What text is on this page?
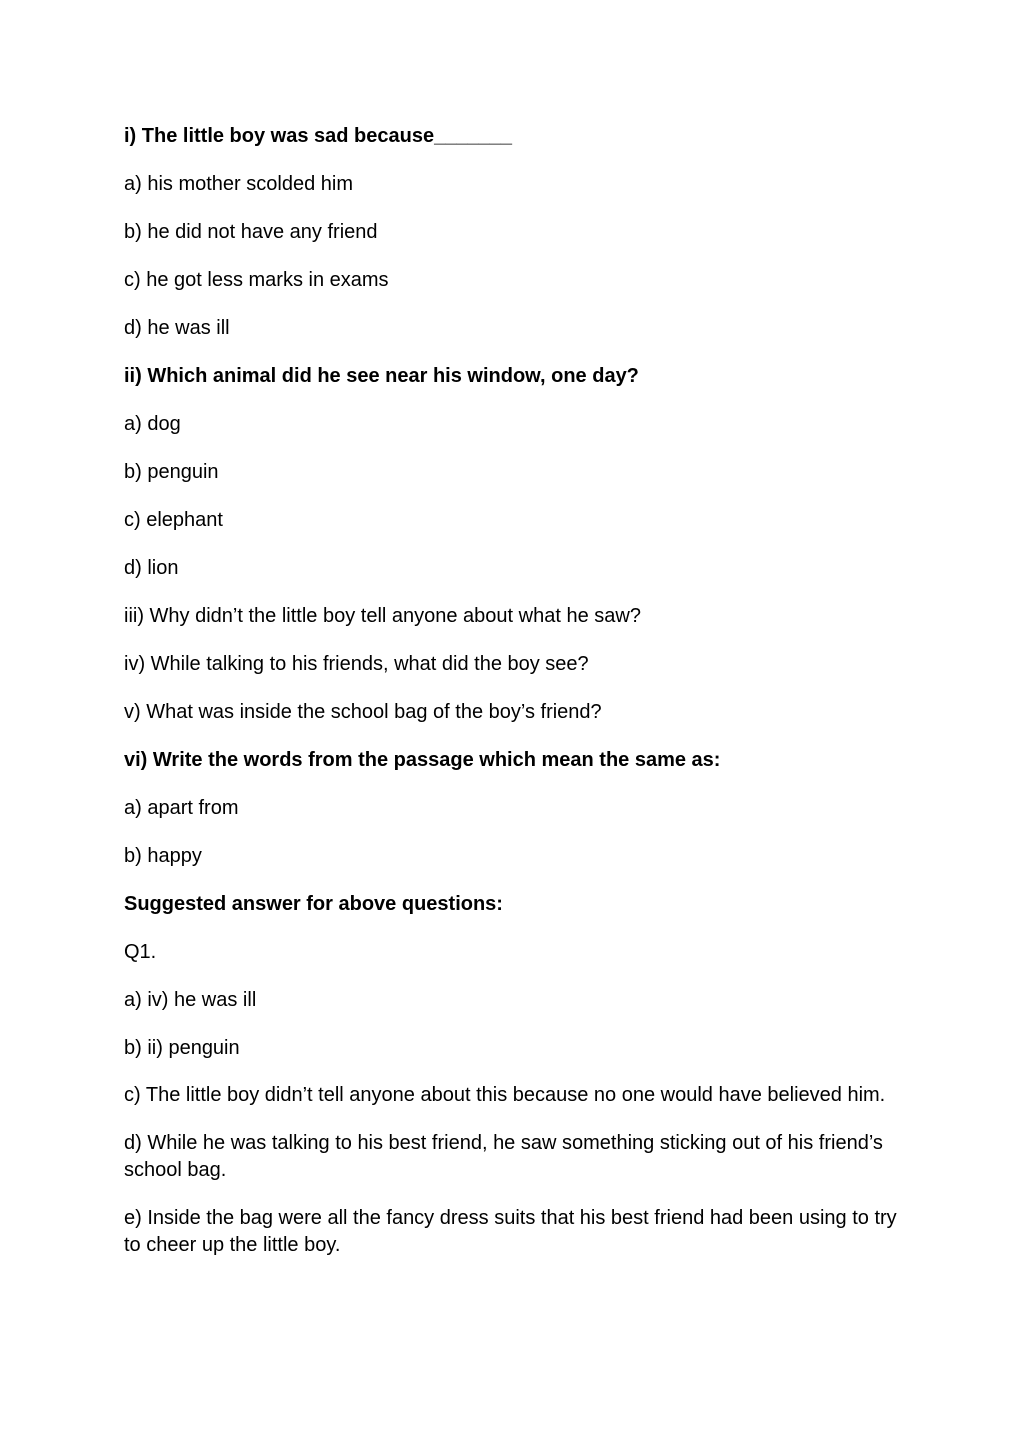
i) The little boy was sad because_______

a) his mother scolded him

b) he did not have any friend

c) he got less marks in exams

d) he was ill

ii) Which animal did he see near his window, one day?

a) dog

b) penguin

c) elephant

d) lion

iii) Why didn’t the little boy tell anyone about what he saw?

iv) While talking to his friends, what did the boy see?

v) What was inside the school bag of the boy’s friend?

vi) Write the words from the passage which mean the same as:

a) apart from

b) happy

Suggested answer for above questions:

Q1.

a) iv) he was ill

b) ii) penguin

c) The little boy didn’t tell anyone about this because no one would have believed him.

d) While he was talking to his best friend, he saw something sticking out of his friend’s school bag.

e) Inside the bag were all the fancy dress suits that his best friend had been using to try to cheer up the little boy.
